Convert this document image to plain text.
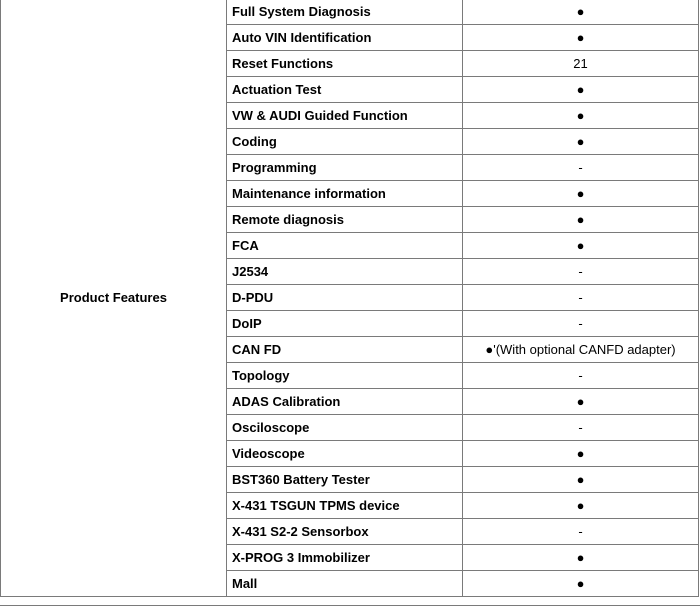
Product Features	Full System Diagnosis	●
	Auto VIN Identification	●
	Reset Functions	21
	Actuation Test	●
	VW & AUDI Guided Function	●
	Coding	●
	Programming	-
	Maintenance information	●
	Remote diagnosis	●
	FCA	●
	J2534	-
	D-PDU	-
	DoIP	-
	CAN FD	●'(With optional CANFD adapter)
	Topology	-
	ADAS Calibration	●
	Osciloscope	-
	Videoscope	●
	BST360 Battery Tester	●
	X-431 TSGUN TPMS device	●
	X-431 S2-2 Sensorbox	-
	X-PROG 3 Immobilizer	●
	Mall	●
